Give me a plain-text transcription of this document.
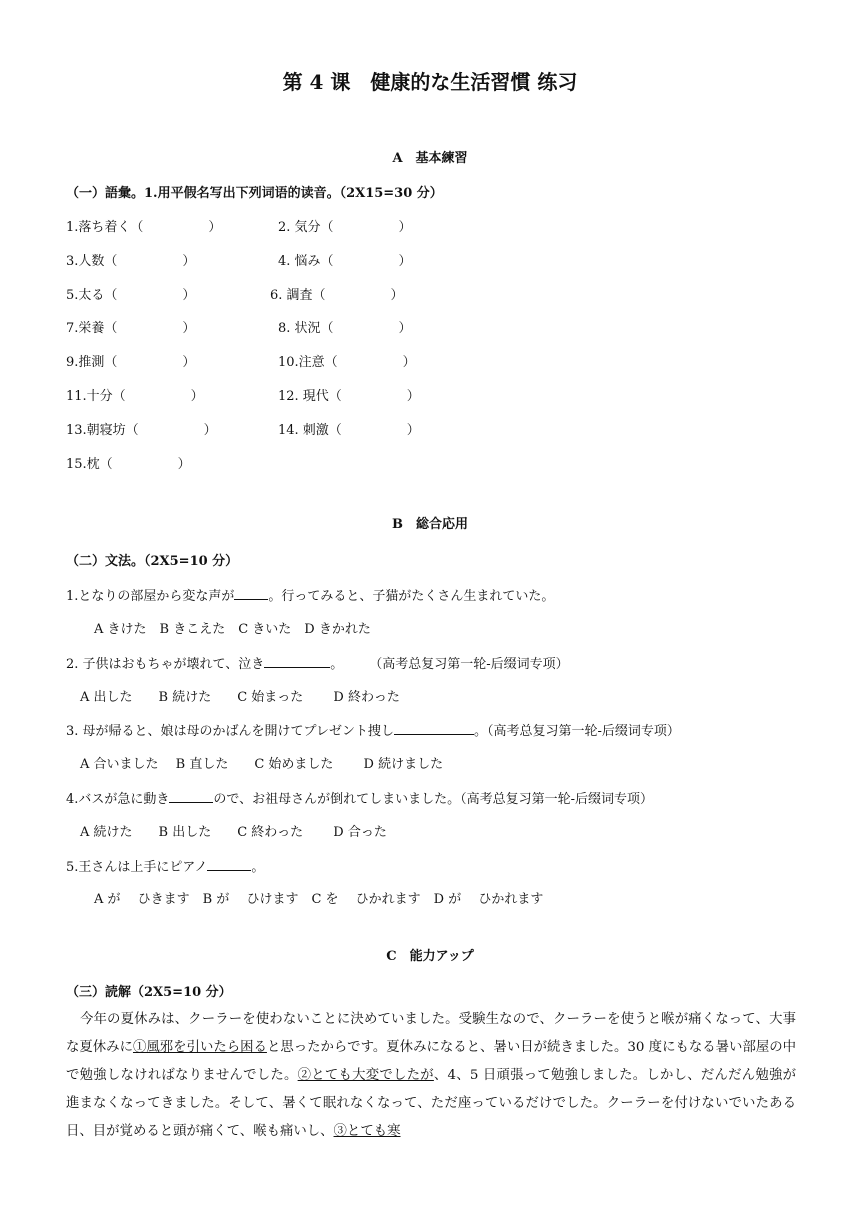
第 4 课　健康的な生活習慣 练习
A　基本練習
（一）語彙。1.用平假名写出下列词语的读音。（2X15=30 分）
1.落ち着く（　　　　　）	2. 気分（　　　　　）
3.人数（　　　　　）	4. 悩み（　　　　　）
5.太る（　　　　　）	6. 調査（　　　　　）
7.栄養（　　　　　）	8. 状況（　　　　　）
9.推測（　　　　　）	10.注意（　　　　　）
11.十分（　　　　　）	12. 現代（　　　　　）
13.朝寝坊（　　　　　）	14. 刺激（　　　　　）
15.枕（　　　　　）
B　総合応用
（二）文法。（2X5=10 分）
1.となりの部屋から変な声が	。行ってみると、子猫がたくさん生まれていた。
A きけた　B きこえた　C きいた　D きかれた
2. 子供はおもちゃが壊れて、泣き	。　　　（高考总复习第一轮-后缀词专项）
A 出した　　B 続けた　　C 始まった　　 D 終わった
3. 母が帰ると、娘は母のかばんを開けてプレゼント捜し	。（高考总复习第一轮-后缀词专项）
A 合いました　 B 直した　　C 始めました　　 D 続けました
4.バスが急に動き	ので、お祖母さんが倒れてしまいました。（高考总复习第一轮-后缀词专项）
A 続けた　　B 出した　　C 終わった　　 D 合った
5.王さんは上手にピアノ	。
A が　 ひきます　B が　 ひけます　C を　 ひかれます　D が　 ひかれます
C　能力アップ
（三）読解（2X5=10 分）
今年の夏休みは、クーラーを使わないことに決めていました。受験生なので、クーラーを使うと喉が痛くなって、大事な夏休みに①風邪を引いたら困ると思ったからです。夏休みになると、暑い日が続きました。30 度にもなる暑い部屋の中で勉強しなければなりませんでした。②とても大変でしたが、4、5 日頑張って勉強しました。しかし、だんだん勉強が進まなくなってきました。そして、暑くて眠れなくなって、ただ座っているだけでした。クーラーを付けないでいたある日、目が覚めると頭が痛くて、喉も痛いし、③とても寒
